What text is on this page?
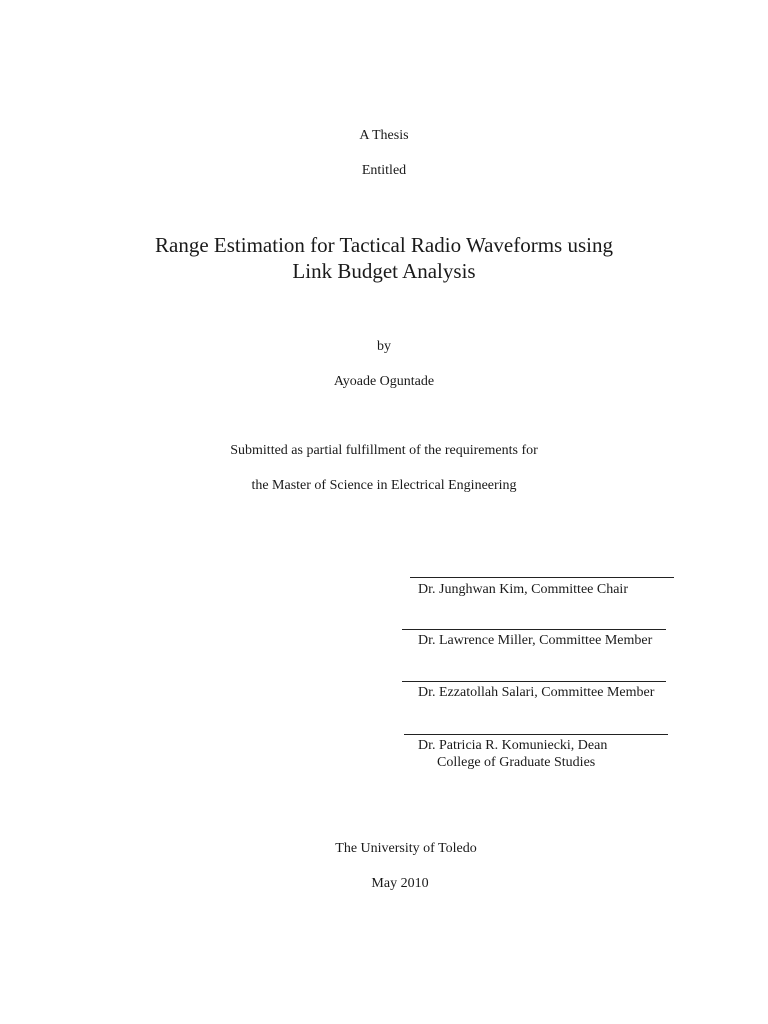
A Thesis
Entitled
Range Estimation for Tactical Radio Waveforms using
Link Budget Analysis
by
Ayoade Oguntade
Submitted as partial fulfillment of the requirements for
the Master of Science in Electrical Engineering
Dr. Junghwan Kim, Committee Chair
Dr. Lawrence Miller, Committee Member
Dr. Ezzatollah Salari, Committee Member
Dr. Patricia R. Komuniecki, Dean
College of Graduate Studies
The University of Toledo
May 2010
